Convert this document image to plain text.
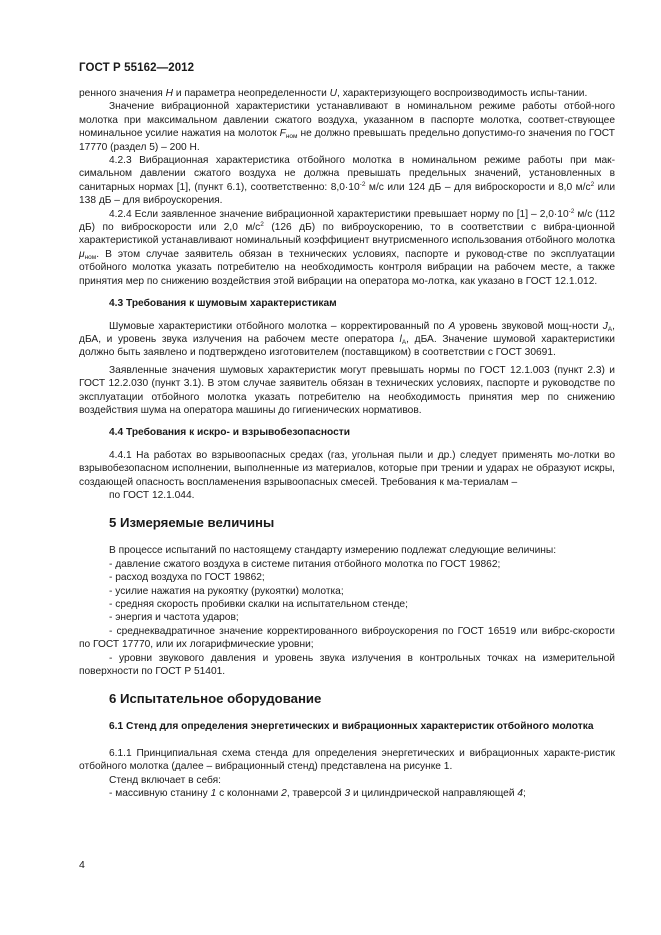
ГОСТ Р 55162—2012

ренного значения H и параметра неопределенности U, характеризующего воспроизводимость испы-тании.

Значение вибрационной характеристики устанавливают в номинальном режиме работы отбой-ного молотка при максимальном давлении сжатого воздуха, указанном в паспорте молотка, соответ-ствующее номинальное усилие нажатия на молоток $F_{ном}$ не должно превышать предельно допустимо-го значения по ГОСТ 17770 (раздел 5) – 200 Н.

4.2.3 Вибрационная характеристика отбойного молотка в номинальном режиме работы при мак-симальном давлении сжатого воздуха не должна превышать предельных значений, установленных в санитарных нормах [1], (пункт 6.1), соответственно: $8,0\cdot 10^{-2}$ м/с или 124 дБ – для виброскорости и 8,0 $м/с^2$ или 138 дБ – для виброускорения.

4.2.4 Если заявленное значение вибрационной характеристики превышает норму по $[1] - 2,0\cdot 10^{-2}$ м/с (112 дБ) по виброскорости или 2,0 $м/с^2$ (126 дБ) по виброускорению, то в соответствии с вибра-ционной характеристикой устанавливают номинальный коэффициент внутрисменного использования отбойного молотка $\mu_{ном}$. В этом случае заявитель обязан в технических условиях, паспорте и руковод-стве по эксплуатации отбойного молотка указать потребителю на необходимость контроля вибрации на рабочем месте, а также принятия мер по снижению воздействия этой вибрации на оператора мо-лотка, как указано в ГОСТ 12.1.012.

4.3 Требования к шумовым характеристикам

Шумовые характеристики отбойного молотка – корректированный по А уровень звуковой мощ-ности $J_А$, дБА, и уровень звука излучения на рабочем месте оператора $l_А$, дБА. Значение шумовой характеристики должно быть заявлено и подтверждено изготовителем (поставщиком) в соответствии с ГОСТ 30691.

Заявленные значения шумовых характеристик могут превышать нормы по ГОСТ 12.1.003 (пункт 2.3) и ГОСТ 12.2.030 (пункт 3.1). В этом случае заявитель обязан в технических условиях, паспорте и руководстве по эксплуатации отбойного молотка указать потребителю на необходимость принятия мер по снижению воздействия шума на оператора машины до гигиенических нормативов.

4.4 Требования к искро- и взрывобезопасности

4.4.1 На работах во взрывоопасных средах (газ, угольная пыли и др.) следует применять мо-лотки во взрывобезопасном исполнении, выполненные из материалов, которые при трении и ударах не образуют искры, создающей опасность воспламенения взрывоопасных смесей. Требования к ма-териалам –

по ГОСТ 12.1.044.

5 Измеряемые величины

В процессе испытаний по настоящему стандарту измерению подлежат следующие величины:

- давление сжатого воздуха в системе питания отбойного молотка по ГОСТ 19862;

- расход воздуха по ГОСТ 19862;

- усилие нажатия на рукоятку (рукоятки) молотка;

- средняя скорость пробивки скалки на испытательном стенде;

- энергия и частота ударов;

- среднеквадратичное значение корректированного виброускорения по ГОСТ 16519 или вибрс-скорости по ГОСТ 17770, или их логарифмические уровни;

- уровни звукового давления и уровень звука излучения в контрольных точках на измерительной поверхности по ГОСТ Р 51401.

6 Испытательное оборудование

6.1 Стенд для определения энергетических и вибрационных характеристик отбойного молотка

6.1.1 Принципиальная схема стенда для определения энергетических и вибрационных характе-ристик отбойного молотка (далее – вибрационный стенд) представлена на рисунке 1.

Стенд включает в себя:

- массивную станину 1 с колоннами 2, траверсой 3 и цилиндрической направляющей 4;

4
